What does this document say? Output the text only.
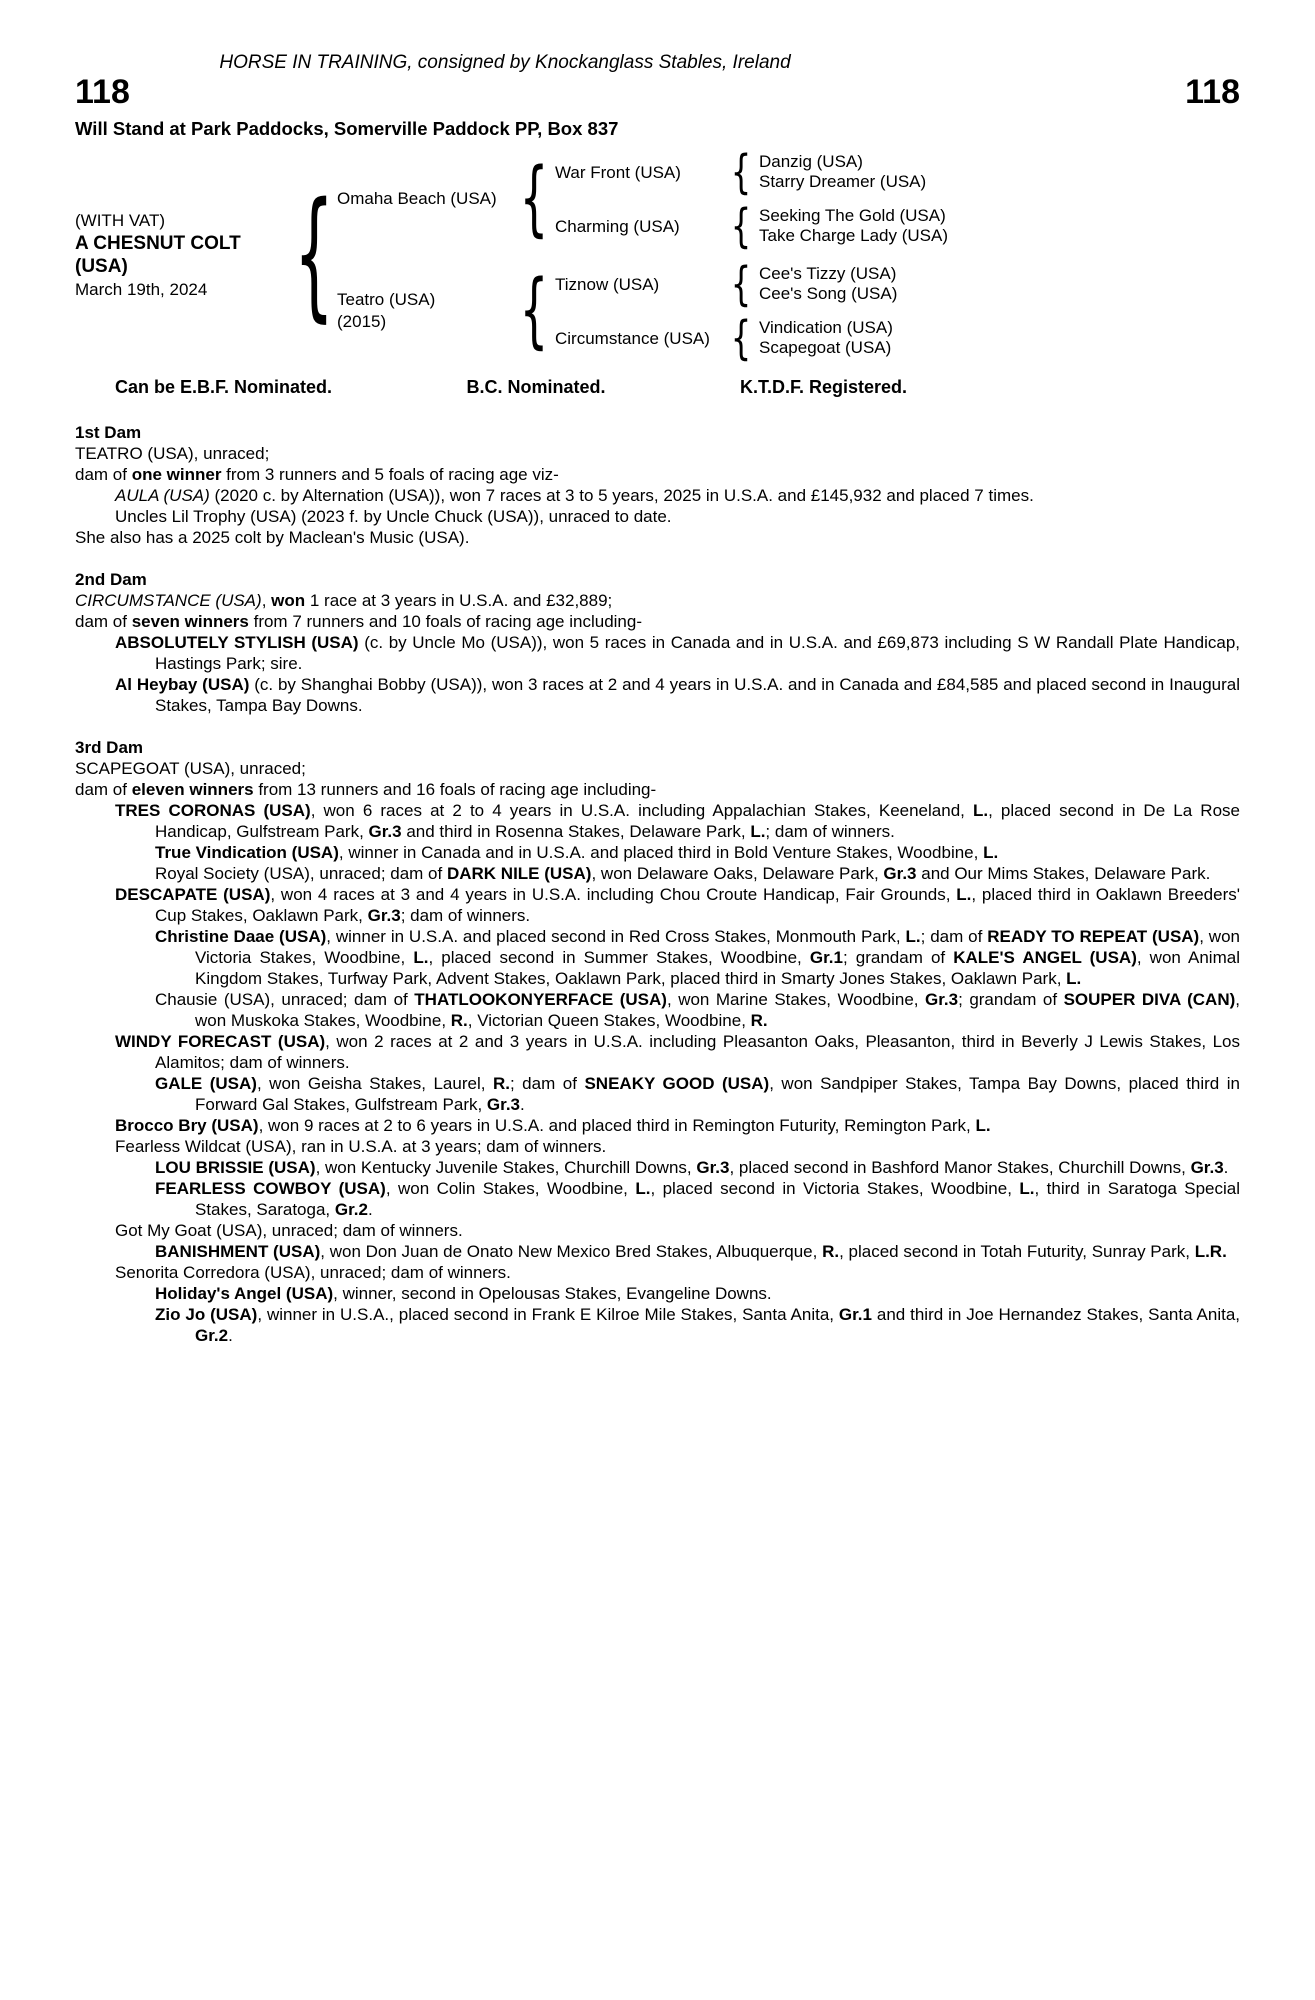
HORSE IN TRAINING, consigned by Knockanglass Stables, Ireland
118	118
Will Stand at Park Paddocks, Somerville Paddock PP, Box 837
(WITH VAT)
A CHESNUT COLT
(USA)
March 19th, 2024 { Omaha Beach (USA) { War Front (USA)	{ Danzig (USA)
Starry Dreamer (USA)
Charming (USA)	{ Seeking The Gold (USA)
Take Charge Lady (USA)
Teatro (USA)
(2015)	{ Tiznow (USA)	{ Cee's Tizzy (USA)
Cee's Song (USA)
Circumstance (USA) { Vindication (USA)
Scapegoat (USA)
Can be E.B.F. Nominated.	B.C. Nominated.	K.T.D.F. Registered.
1st Dam
TEATRO (USA), unraced;
dam of one winner from 3 runners and 5 foals of racing age viz-
AULA (USA) (2020 c. by Alternation (USA)), won 7 races at 3 to 5 years, 2025 in U.S.A. and £145,932 and placed 7 times.
Uncles Lil Trophy (USA) (2023 f. by Uncle Chuck (USA)), unraced to date.
She also has a 2025 colt by Maclean's Music (USA).
2nd Dam
CIRCUMSTANCE (USA), won 1 race at 3 years in U.S.A. and £32,889;
dam of seven winners from 7 runners and 10 foals of racing age including-
ABSOLUTELY STYLISH (USA) (c. by Uncle Mo (USA)), won 5 races in Canada and in U.S.A. and £69,873 including S W Randall Plate Handicap, Hastings Park; sire.
Al Heybay (USA) (c. by Shanghai Bobby (USA)), won 3 races at 2 and 4 years in U.S.A. and in Canada and £84,585 and placed second in Inaugural Stakes, Tampa Bay Downs.
3rd Dam
SCAPEGOAT (USA), unraced;
dam of eleven winners from 13 runners and 16 foals of racing age including-
TRES CORONAS (USA), won 6 races at 2 to 4 years in U.S.A. including Appalachian Stakes, Keeneland, L., placed second in De La Rose Handicap, Gulfstream Park, Gr.3 and third in Rosenna Stakes, Delaware Park, L.; dam of winners.
True Vindication (USA), winner in Canada and in U.S.A. and placed third in Bold Venture Stakes, Woodbine, L.
Royal Society (USA), unraced; dam of DARK NILE (USA), won Delaware Oaks, Delaware Park, Gr.3 and Our Mims Stakes, Delaware Park.
DESCAPATE (USA), won 4 races at 3 and 4 years in U.S.A. including Chou Croute Handicap, Fair Grounds, L., placed third in Oaklawn Breeders' Cup Stakes, Oaklawn Park, Gr.3; dam of winners.
Christine Daae (USA), winner in U.S.A. and placed second in Red Cross Stakes, Monmouth Park, L.; dam of READY TO REPEAT (USA), won Victoria Stakes, Woodbine, L., placed second in Summer Stakes, Woodbine, Gr.1; grandam of KALE'S ANGEL (USA), won Animal Kingdom Stakes, Turfway Park, Advent Stakes, Oaklawn Park, placed third in Smarty Jones Stakes, Oaklawn Park, L.
Chausie (USA), unraced; dam of THATLOOKONYERFACE (USA), won Marine Stakes, Woodbine, Gr.3; grandam of SOUPER DIVA (CAN), won Muskoka Stakes, Woodbine, R., Victorian Queen Stakes, Woodbine, R.
WINDY FORECAST (USA), won 2 races at 2 and 3 years in U.S.A. including Pleasanton Oaks, Pleasanton, third in Beverly J Lewis Stakes, Los Alamitos; dam of winners.
GALE (USA), won Geisha Stakes, Laurel, R.; dam of SNEAKY GOOD (USA), won Sandpiper Stakes, Tampa Bay Downs, placed third in Forward Gal Stakes, Gulfstream Park, Gr.3.
Brocco Bry (USA), won 9 races at 2 to 6 years in U.S.A. and placed third in Remington Futurity, Remington Park, L.
Fearless Wildcat (USA), ran in U.S.A. at 3 years; dam of winners.
LOU BRISSIE (USA), won Kentucky Juvenile Stakes, Churchill Downs, Gr.3, placed second in Bashford Manor Stakes, Churchill Downs, Gr.3.
FEARLESS COWBOY (USA), won Colin Stakes, Woodbine, L., placed second in Victoria Stakes, Woodbine, L., third in Saratoga Special Stakes, Saratoga, Gr.2.
Got My Goat (USA), unraced; dam of winners.
BANISHMENT (USA), won Don Juan de Onato New Mexico Bred Stakes, Albuquerque, R., placed second in Totah Futurity, Sunray Park, L.R.
Senorita Corredora (USA), unraced; dam of winners.
Holiday's Angel (USA), winner, second in Opelousas Stakes, Evangeline Downs.
Zio Jo (USA), winner in U.S.A., placed second in Frank E Kilroe Mile Stakes, Santa Anita, Gr.1 and third in Joe Hernandez Stakes, Santa Anita, Gr.2.
